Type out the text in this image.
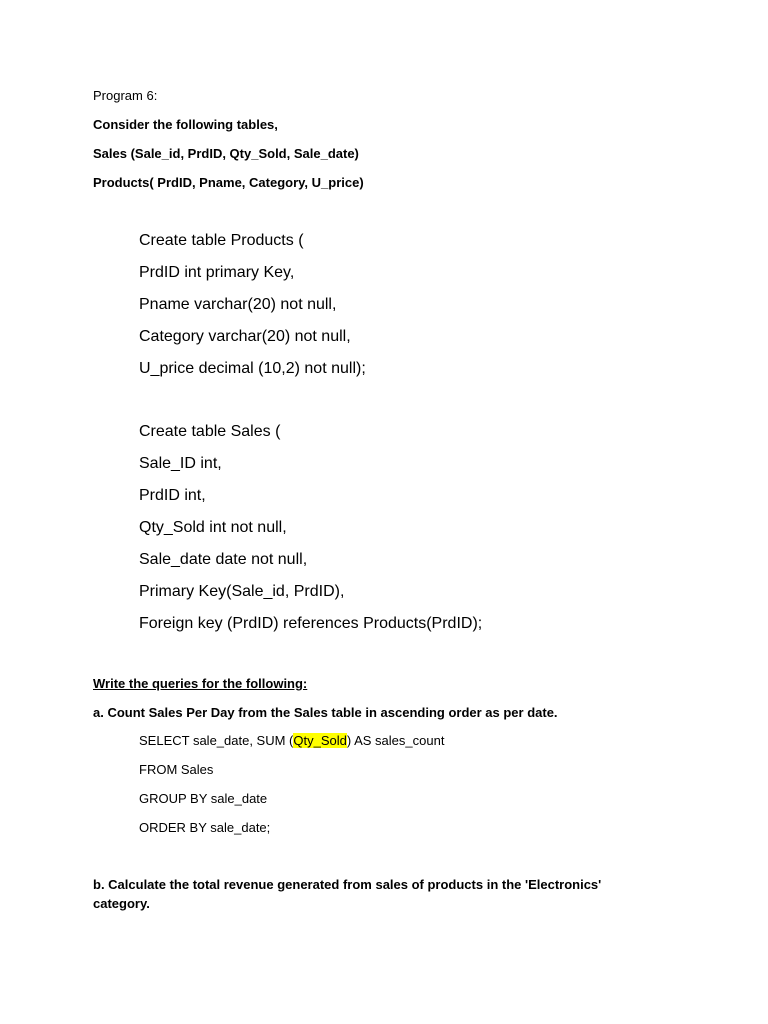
Program 6:

Consider the following tables,

Sales (Sale_id, PrdID, Qty_Sold, Sale_date)

Products( PrdID, Pname, Category, U_price)

Create table Products (

PrdID int primary Key,

Pname varchar(20) not null,

Category varchar(20) not null,

U_price decimal (10,2) not null);

Create table Sales (

Sale_ID int,

PrdID int,

Qty_Sold int not null,

Sale_date date not null,

Primary Key(Sale_id, PrdID),

Foreign key (PrdID) references Products(PrdID);

Write the queries for the following:

a. Count Sales Per Day from the Sales table in ascending order as per date.

SELECT sale_date, SUM (Qty_Sold) AS sales_count

FROM Sales

GROUP BY sale_date

ORDER BY sale_date;

b. Calculate the total revenue generated from sales of products in the 'Electronics'

category.
